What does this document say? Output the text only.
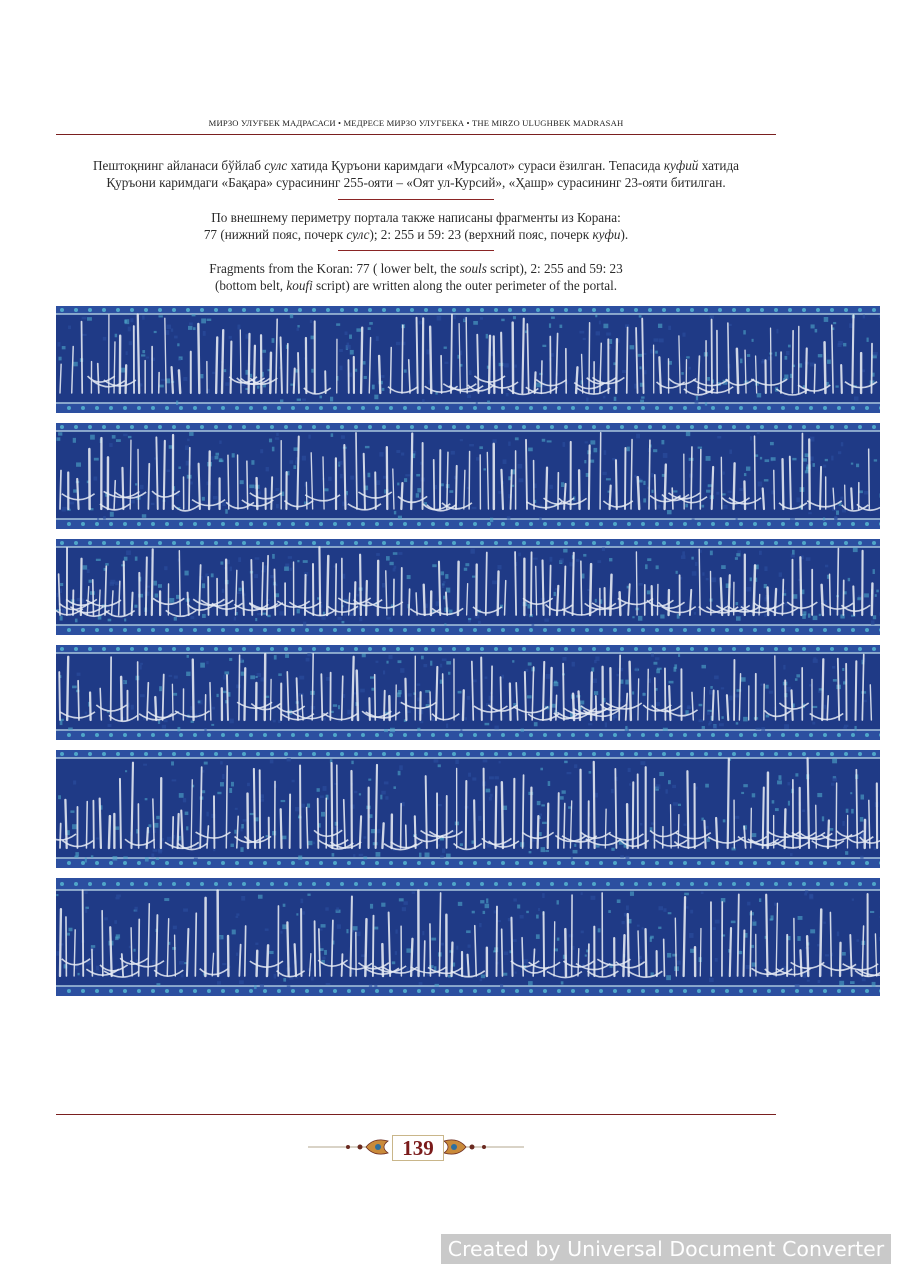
МИРЗО УЛУҒБЕК МАДРАСАСИ • МЕДРЕСЕ МИРЗО УЛУГБЕКА • THE MIRZO ULUGHBEK MADRASAH
Пештоқнинг айланаси бўйлаб сулс хатида Қуръони каримдаги «Мурсалот» сураси ёзилган. Тепасида куфий хатида
Қуръони каримдаги «Бақара» сурасининг 255-ояти – «Оят ул-Курсий», «Ҳашр» сурасининг 23-ояти битилган.
По внешнему периметру портала также написаны фрагменты из Корана:
77 (нижний пояс, почерк сулс); 2: 255 и 59: 23 (верхний пояс, почерк куфи).
Fragments from the Koran: 77 ( lower belt, the souls script), 2: 255 and 59: 23
(bottom belt, koufi script) are written along the outer perimeter of the portal.
139
Created by Universal Document Converter
